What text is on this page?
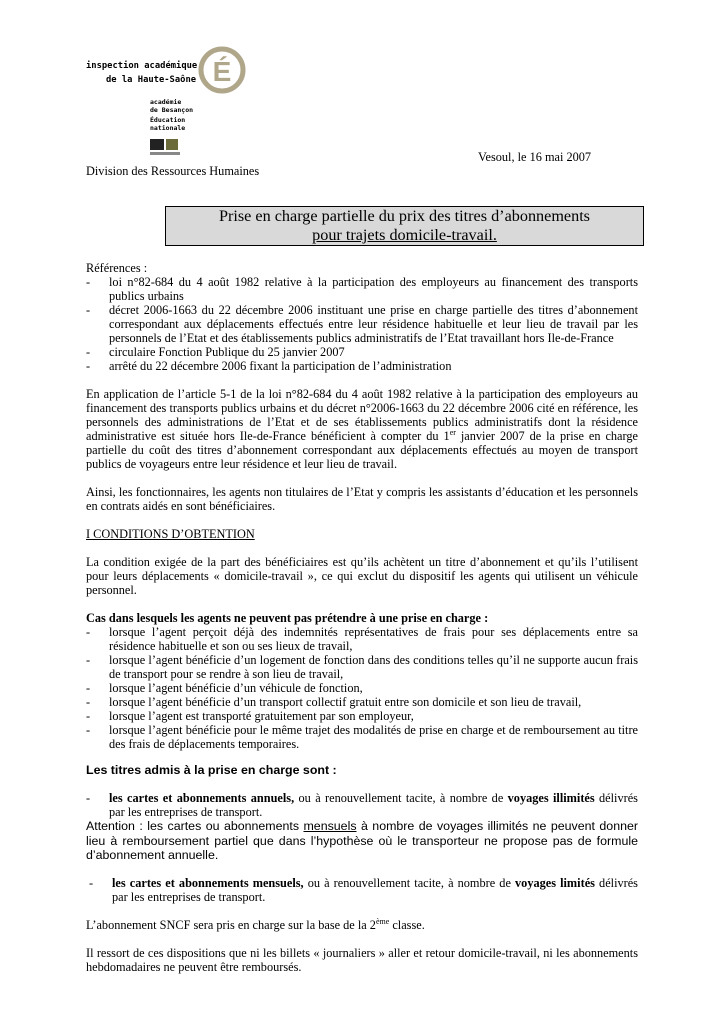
É
inspection académique
de la Haute-Saône
académie
de Besançon
Éducation
nationale
Vesoul, le 16 mai 2007
Division des Ressources Humaines
Prise en charge partielle du prix des titres d’abonnements
pour trajets domicile-travail.
Références :
-	loi n°82-684 du 4 août 1982 relative à la participation des employeurs au financement des transports publics urbains
-	décret 2006-1663 du 22 décembre 2006 instituant une prise en charge partielle des titres d’abonnement correspondant aux déplacements effectués entre leur résidence habituelle et leur lieu de travail par les personnels de l’Etat et des établissements publics administratifs de l’Etat travaillant hors Ile-de-France
-	circulaire Fonction Publique du 25 janvier 2007
-	arrêté du 22 décembre 2006 fixant la participation de l’administration
En application de l’article 5-1 de la loi n°82-684 du 4 août 1982 relative à la participation des employeurs au financement des transports publics urbains et du décret n°2006-1663 du 22 décembre 2006 cité en référence, les personnels des administrations de l’Etat et de ses établissements publics administratifs dont la résidence administrative est située hors Ile-de-France bénéficient à compter du 1er janvier 2007 de la prise en charge partielle du coût des titres d’abonnement correspondant aux déplacements effectués au moyen de transport publics de voyageurs entre leur résidence et leur lieu de travail.
Ainsi, les fonctionnaires, les agents non titulaires de l’Etat y compris les assistants d’éducation et les personnels en contrats aidés en sont bénéficiaires.
I CONDITIONS D’OBTENTION
La condition exigée de la part des bénéficiaires est qu’ils achètent un titre d’abonnement et qu’ils l’utilisent pour leurs déplacements « domicile-travail », ce qui exclut du dispositif les agents qui utilisent un véhicule personnel.
Cas dans lesquels les agents ne peuvent pas prétendre à une prise en charge :
-	lorsque l’agent perçoit déjà des indemnités représentatives de frais pour ses déplacements entre sa résidence habituelle et son ou ses lieux de travail,
-	lorsque l’agent bénéficie d’un logement de fonction dans des conditions telles qu’il ne supporte aucun frais de transport pour se rendre à son lieu de travail,
-	lorsque l’agent bénéficie d’un véhicule de fonction,
-	lorsque l’agent bénéficie d’un transport collectif gratuit entre son domicile et son lieu de travail,
-	lorsque l’agent est transporté gratuitement par son employeur,
-	lorsque l’agent bénéficie pour le même trajet des modalités de prise en charge et de remboursement au titre des frais de déplacements temporaires.
Les titres admis à la prise en charge sont :
-	les cartes et abonnements annuels, ou à renouvellement tacite, à nombre de voyages illimités délivrés par les entreprises de transport.
Attention : les cartes ou abonnements mensuels à nombre de voyages illimités ne peuvent donner lieu à remboursement partiel que dans l’hypothèse où le transporteur ne propose pas de formule d’abonnement annuelle.
-	les cartes et abonnements mensuels, ou à renouvellement tacite, à nombre de voyages limités délivrés par les entreprises de transport.
L’abonnement SNCF sera pris en charge sur la base de la 2ème classe.
Il ressort de ces dispositions que ni les billets « journaliers » aller et retour domicile-travail, ni les abonnements hebdomadaires ne peuvent être remboursés.
